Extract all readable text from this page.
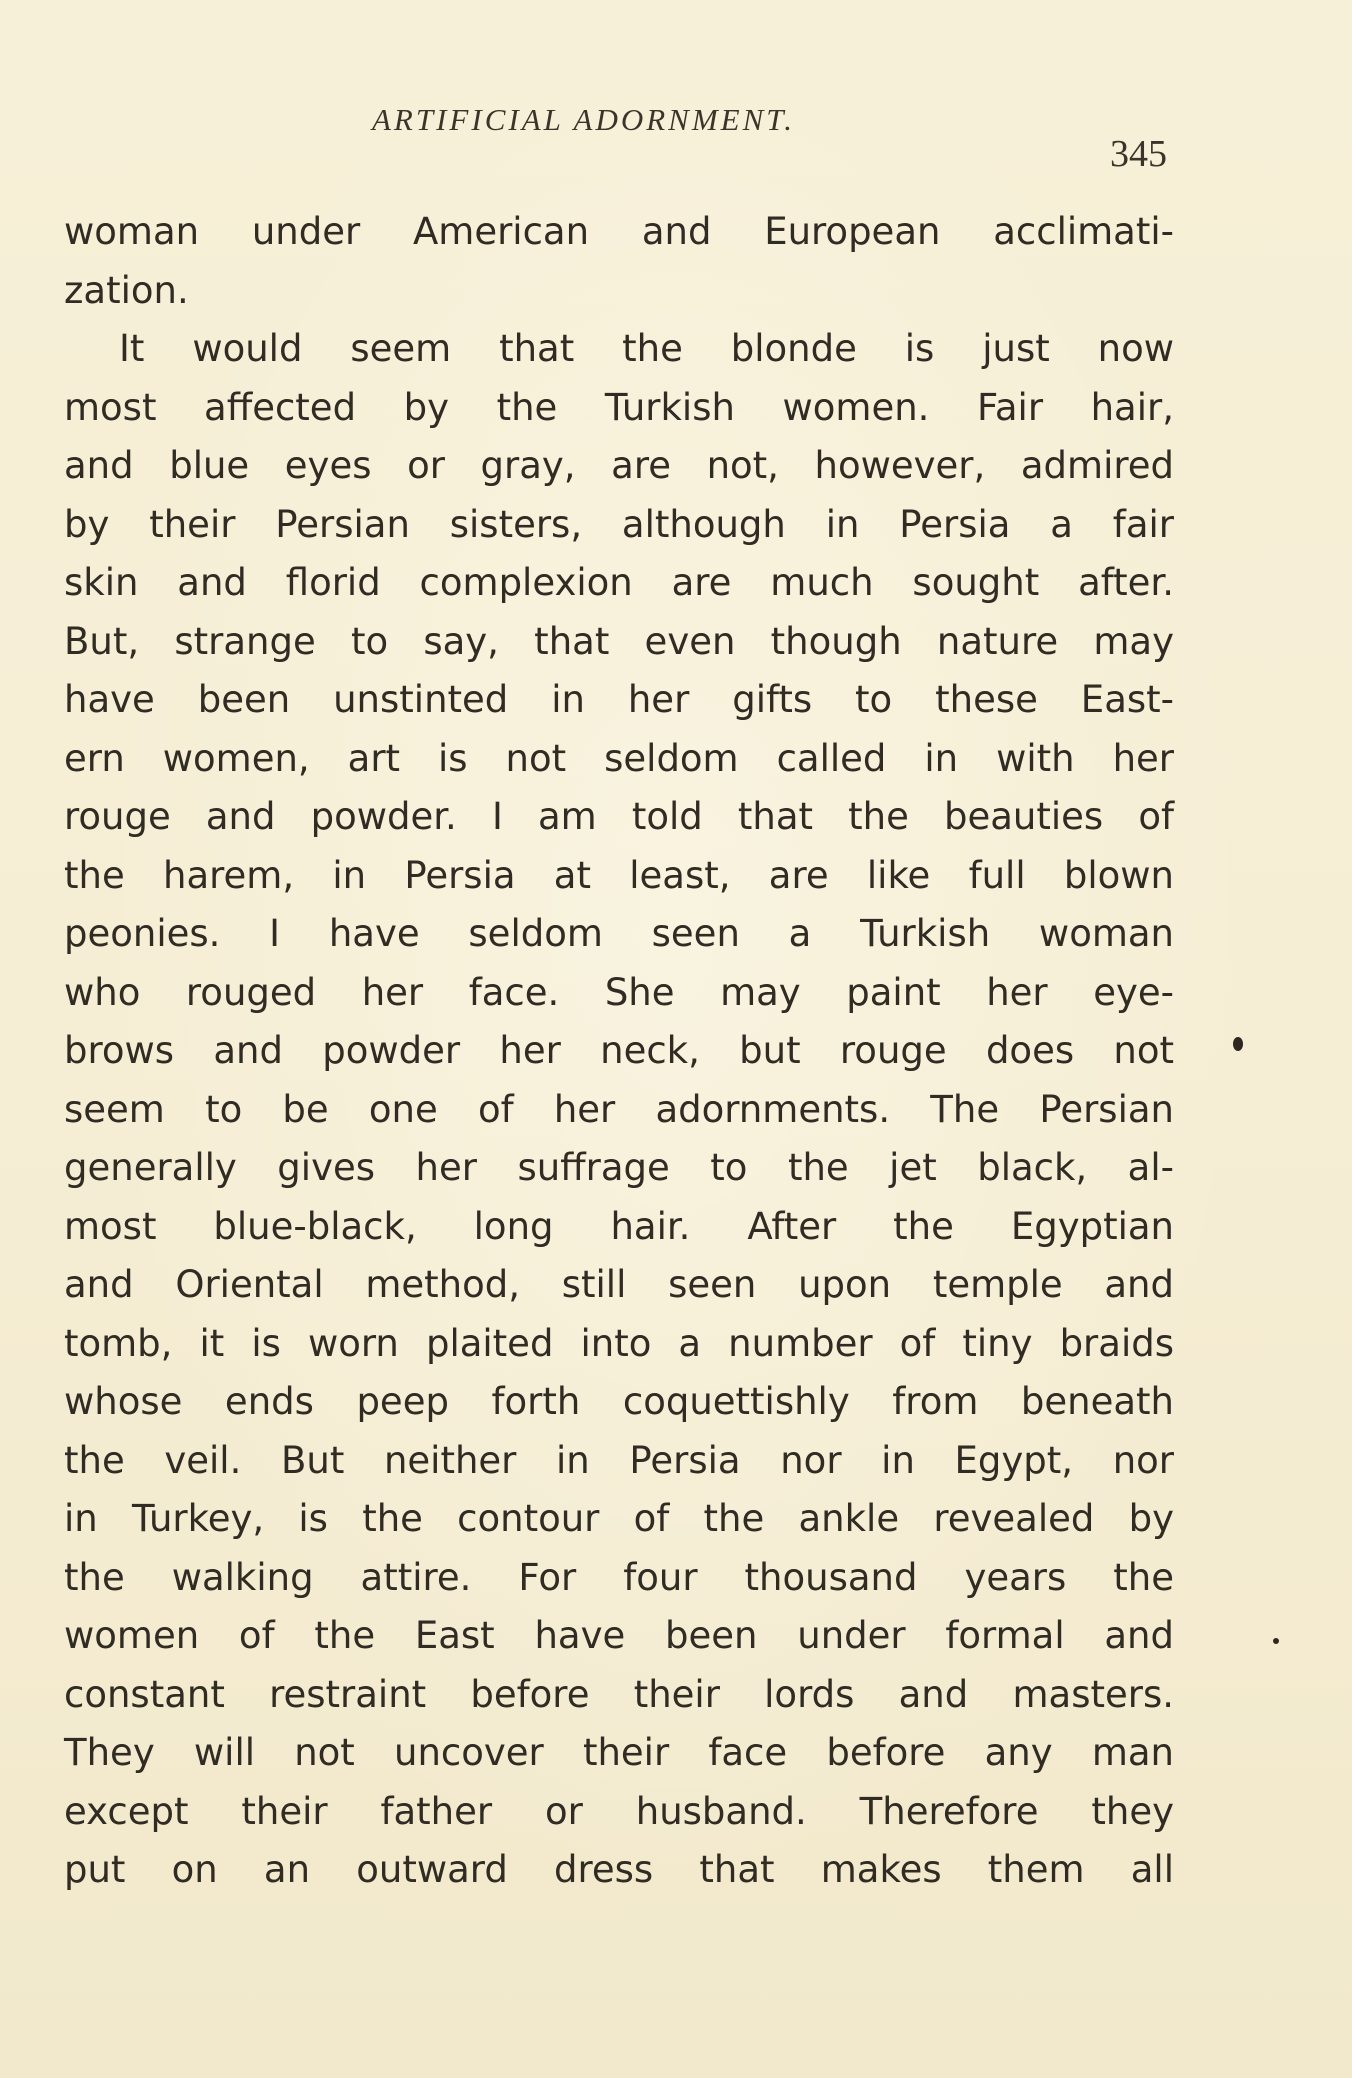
ARTIFICIAL ADORNMENT.
345
woman under American and European acclimati-
zation.
It would seem that the blonde is just now
most affected by the Turkish women. Fair hair,
and blue eyes or gray, are not, however, admired
by their Persian sisters, although in Persia a fair
skin and florid complexion are much sought after.
But, strange to say, that even though nature may
have been unstinted in her gifts to these East-
ern women, art is not seldom called in with her
rouge and powder. I am told that the beauties of
the harem, in Persia at least, are like full blown
peonies. I have seldom seen a Turkish woman
who rouged her face. She may paint her eye-
brows and powder her neck, but rouge does not
seem to be one of her adornments. The Persian
generally gives her suffrage to the jet black, al-
most blue-black, long hair. After the Egyptian
and Oriental method, still seen upon temple and
tomb, it is worn plaited into a number of tiny braids
whose ends peep forth coquettishly from beneath
the veil. But neither in Persia nor in Egypt, nor
in Turkey, is the contour of the ankle revealed by
the walking attire. For four thousand years the
women of the East have been under formal and
constant restraint before their lords and masters.
They will not uncover their face before any man
except their father or husband. Therefore they
put on an outward dress that makes them all
